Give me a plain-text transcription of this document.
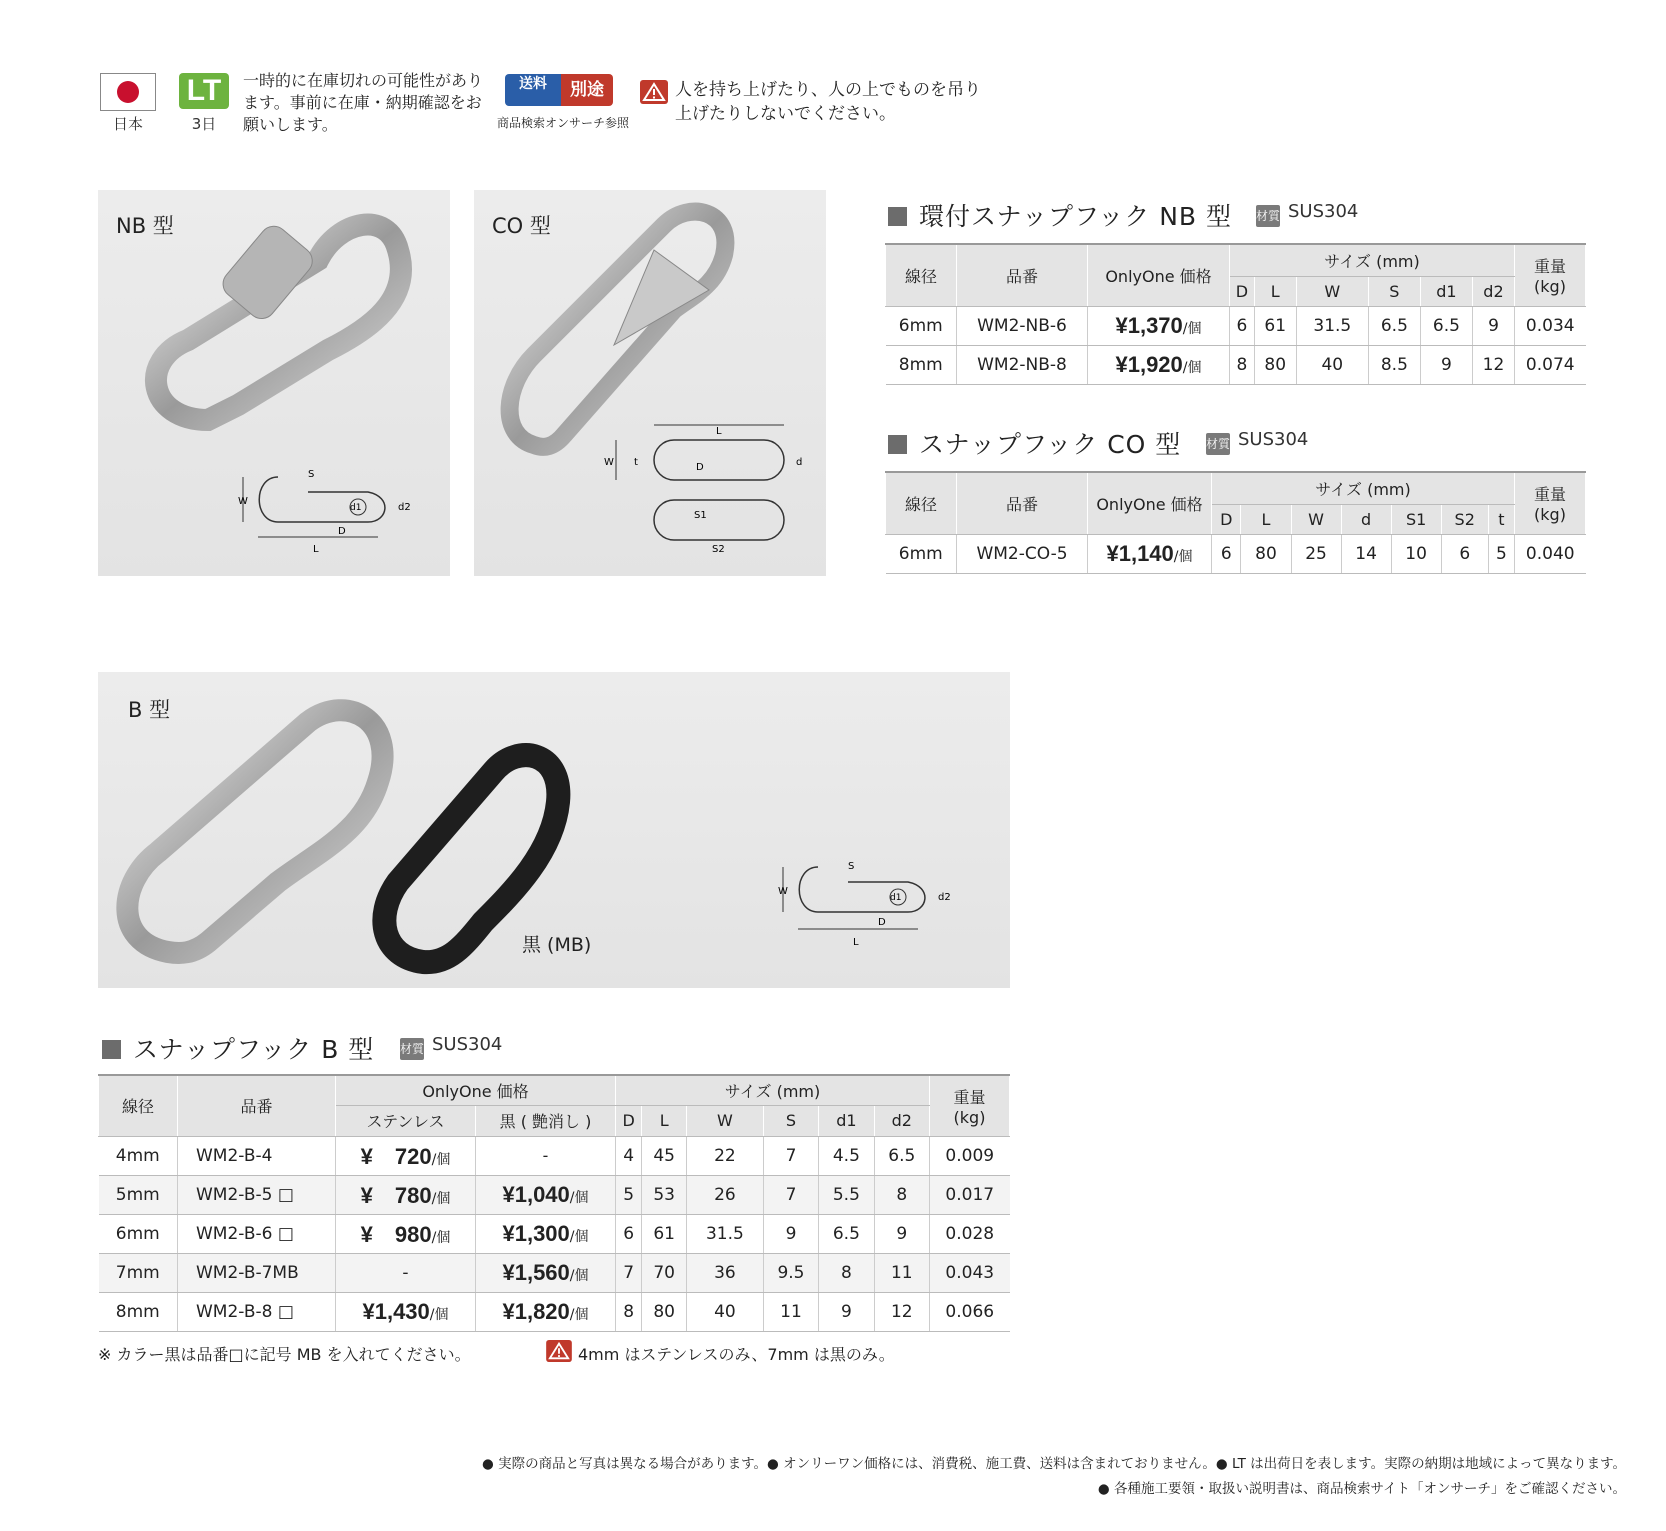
日本
LT
3日
一時的に在庫切れの可能性があります。事前に在庫・納期確認をお願いします。
送料	別途
商品検索オンサーチ参照
人を持ち上げたり、人の上でものを吊り上げたりしないでください。
NB 型
W
L
S
d1
D
d2
CO 型
L
W t	D	d
S1
S2
環付スナップフック NB 型 材質 SUS304
線径	品番	OnlyOne 価格	サイズ (mm)						重量
(kg)
			D	L	W	S	d1	d2	
6mm	WM2-NB-6	¥1,370/個	6	61	31.5	6.5	6.5	9	0.034
8mm	WM2-NB-8	¥1,920/個	8	80	40	8.5	9	12	0.074
スナップフック CO 型 材質 SUS304
線径	品番	OnlyOne 価格	サイズ (mm)							重量
(kg)
			D	L	W	d	S1	S2	t	
6mm	WM2-CO-5	¥1,140/個	6	80	25	14	10	6	5	0.040
B 型
黒 (MB)
W
L
S
d1
D
d2
スナップフック B 型 材質 SUS304
線径	品番	OnlyOne 価格		サイズ (mm)						重量
(kg)
		ステンレス	黒 ( 艶消し )	D	L	W	S	d1	d2	
4mm	WM2-B-4	¥　720/個	-	4	45	22	7	4.5	6.5	0.009
5mm	WM2-B-5 □	¥　780/個	¥1,040/個	5	53	26	7	5.5	8	0.017
6mm	WM2-B-6 □	¥　980/個	¥1,300/個	6	61	31.5	9	6.5	9	0.028
7mm	WM2-B-7MB	-	¥1,560/個	7	70	36	9.5	8	11	0.043
8mm	WM2-B-8 □	¥1,430/個	¥1,820/個	8	80	40	11	9	12	0.066
※ カラー黒は品番□に記号 MB を入れてください。	4mm はステンレスのみ、7mm は黒のみ。
● 実際の商品と写真は異なる場合があります。● オンリーワン価格には、消費税、施工費、送料は含まれておりません。● LT は出荷日を表します。実際の納期は地域によって異なります。
● 各種施工要領・取扱い説明書は、商品検索サイト「オンサーチ」をご確認ください。
